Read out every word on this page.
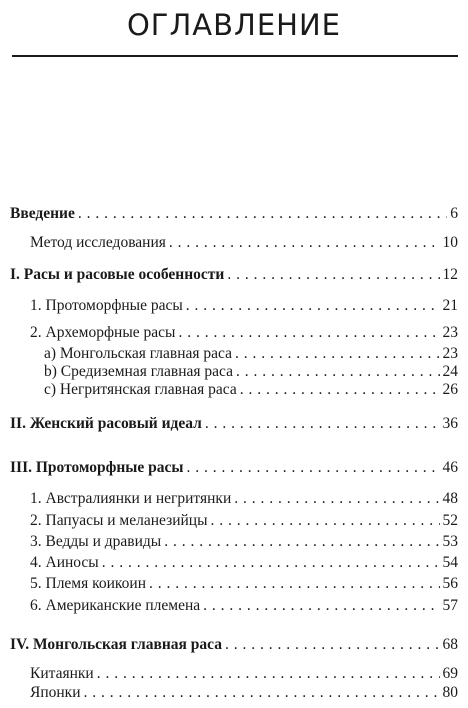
ОГЛАВЛЕНИЕ
Введение . . .	6
Метод исследования . . .	10
I. Расы и расовые особенности . . .	12
1. Протоморфные расы . . .	21
2. Археморфные расы . . .	23
a) Монгольская главная раса . . .	23
b) Средиземная главная раса . . .	24
c) Негритянская главная раса . . .	26
II. Женский расовый идеал . . .	36
III. Протоморфные расы . . .	46
1. Австралиянки и негритянки . . .	48
2. Папуасы и меланезийцы . . .	52
3. Ведды и дравиды . . .	53
4. Аиносы . . .	54
5. Племя коикоин . . .	56
6. Американские племена . . .	57
IV. Монгольская главная раса . . .	68
Китаянки . . .	69
Японки . . .	80
